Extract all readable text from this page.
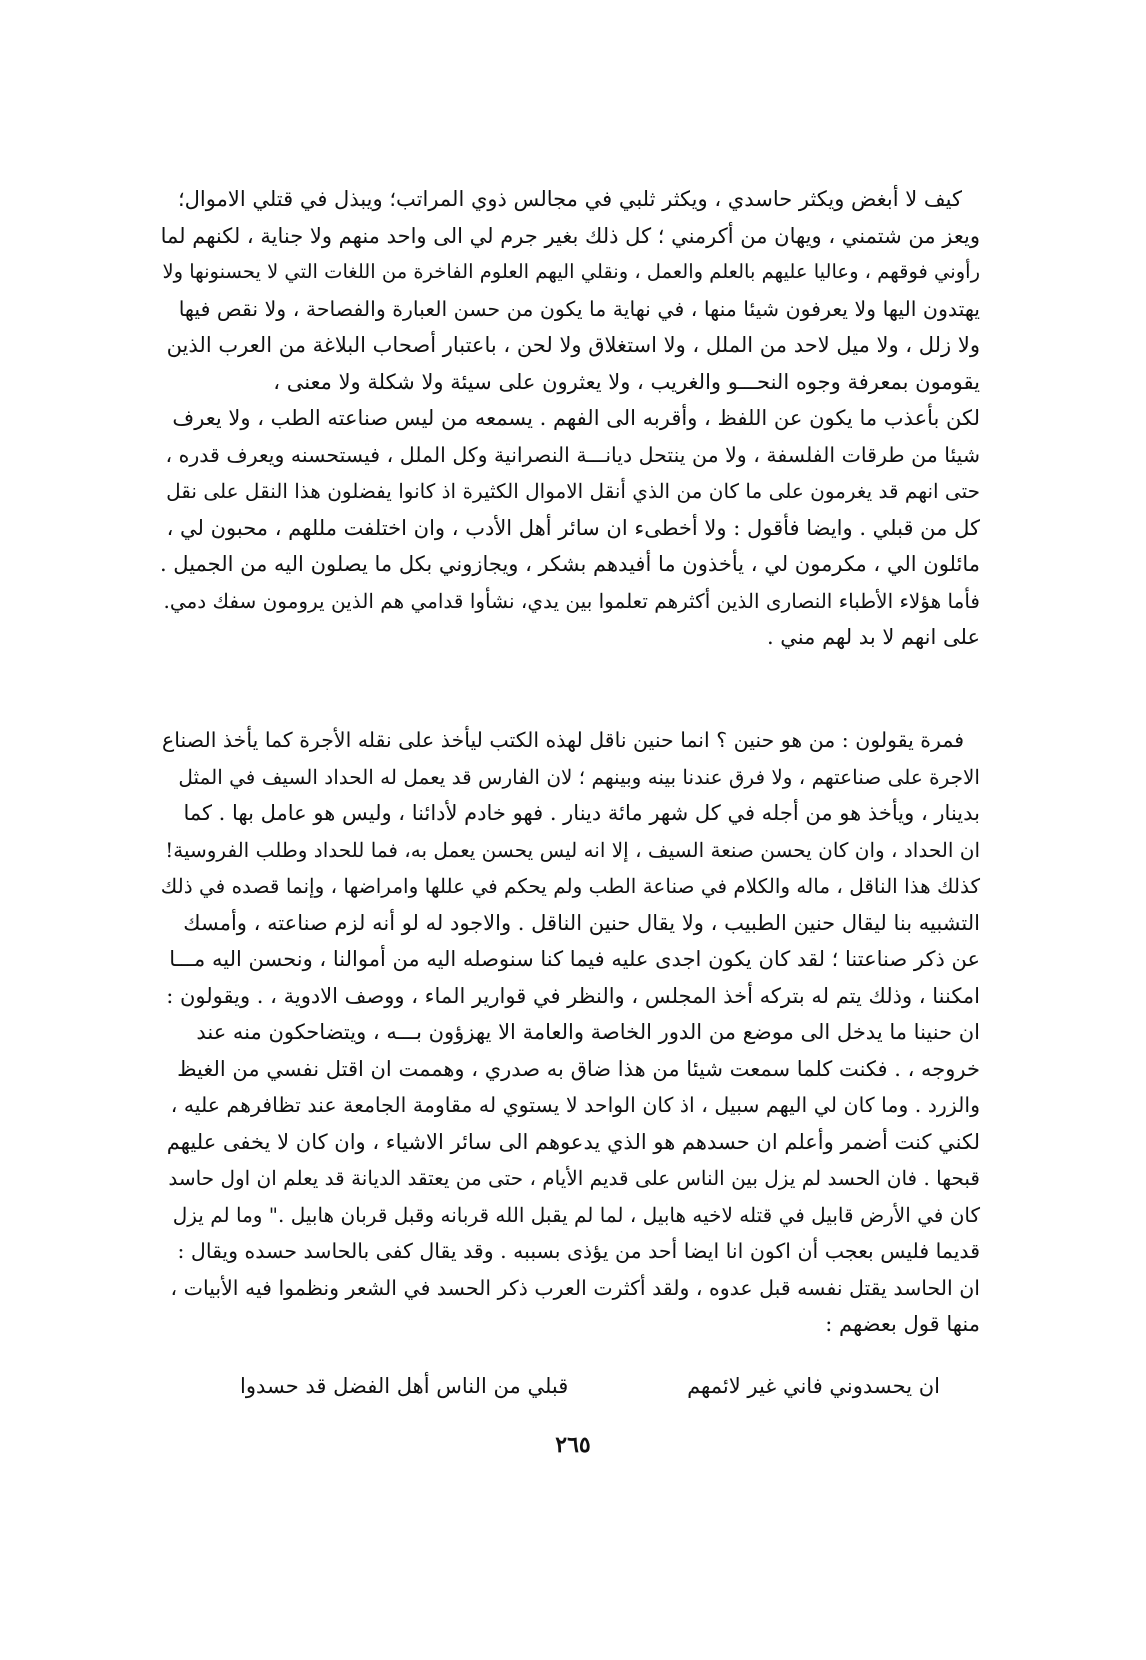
كيف لا أبغض ويكثر حاسدي ، ويكثر ثلبي في مجالس ذوي المراتب؛ ويبذل في قتلي الاموال؛
ويعز من شتمني ، ويهان من أكرمني ؛ كل ذلك بغير جرم لي الى واحد منهم ولا جناية ، لكنهم لما
رأوني فوقهم ، وعاليا عليهم بالعلم والعمل ، ونقلي اليهم العلوم الفاخرة من اللغات التي لا يحسنونها ولا
يهتدون اليها ولا يعرفون شيئا منها ، في نهاية ما يكون من حسن العبارة والفصاحة ، ولا نقص فيها
ولا زلل ، ولا ميل لاحد من الملل ، ولا استغلاق ولا لحن ، باعتبار أصحاب البلاغة من العرب الذين
يقومون بمعرفة وجوه النحـــو والغريب ، ولا يعثرون على سيئة ولا شكلة ولا معنى ،
لكن بأعذب ما يكون عن اللفظ ، وأقربه الى الفهم . يسمعه من ليس صناعته الطب ، ولا يعرف
شيئا من طرقات الفلسفة ، ولا من ينتحل ديانـــة النصرانية وكل الملل ، فيستحسنه ويعرف قدره ،
حتى انهم قد يغرمون على ما كان من الذي أنقل الاموال الكثيرة اذ كانوا يفضلون هذا النقل على نقل
كل من قبلي . وايضا فأقول : ولا أخطىء ان سائر أهل الأدب ، وان اختلفت مللهم ، محبون لي ،
مائلون الي ، مكرمون لي ، يأخذون ما أفيدهم بشكر ، ويجازوني بكل ما يصلون اليه من الجميل .
فأما هؤلاء الأطباء النصارى الذين أكثرهم تعلموا بين يدي، نشأوا قدامي هم الذين يرومون سفك دمي.
على انهم لا بد لهم مني .
فمرة يقولون : من هو حنين ؟ انما حنين ناقل لهذه الكتب ليأخذ على نقله الأجرة كما يأخذ الصناع
الاجرة على صناعتهم ، ولا فرق عندنا بينه وبينهم ؛ لان الفارس قد يعمل له الحداد السيف في المثل
بدينار ، ويأخذ هو من أجله في كل شهر مائة دينار . فهو خادم لأدائنا ، وليس هو عامل بها . كما
ان الحداد ، وان كان يحسن صنعة السيف ، إلا انه ليس يحسن يعمل به، فما للحداد وطلب الفروسية!
كذلك هذا الناقل ، ماله والكلام في صناعة الطب ولم يحكم في عللها وامراضها ، وإنما قصده في ذلك
التشبيه بنا ليقال حنين الطبيب ، ولا يقال حنين الناقل . والاجود له لو أنه لزم صناعته ، وأمسك
عن ذكر صناعتنا ؛ لقد كان يكون اجدى عليه فيما كنا سنوصله اليه من أموالنا ، ونحسن اليه مـــا
امكننا ، وذلك يتم له بتركه أخذ المجلس ، والنظر في قوارير الماء ، ووصف الادوية ، . ويقولون :
ان حنينا ما يدخل الى موضع من الدور الخاصة والعامة الا يهزؤون بـــه ، ويتضاحكون منه عند
خروجه ، . فكنت كلما سمعت شيئا من هذا ضاق به صدري ، وهممت ان اقتل نفسي من الغيظ
والزرد . وما كان لي اليهم سبيل ، اذ كان الواحد لا يستوي له مقاومة الجامعة عند تظافرهم عليه ،
لكني كنت أضمر وأعلم ان حسدهم هو الذي يدعوهم الى سائر الاشياء ، وان كان لا يخفى عليهم
قبحها . فان الحسد لم يزل بين الناس على قديم الأيام ، حتى من يعتقد الديانة قد يعلم ان اول حاسد
كان في الأرض قابيل في قتله لاخيه هابيل ، لما لم يقبل الله قربانه وقبل قربان هابيل ." وما لم يزل
قديما فليس بعجب أن اكون انا ايضا أحد من يؤذى بسببه . وقد يقال كفى بالحاسد حسده ويقال :
ان الحاسد يقتل نفسه قبل عدوه ، ولقد أكثرت العرب ذكر الحسد في الشعر ونظموا فيه الأبيات ،
منها قول بعضهم :
ان يحسدوني فاني غير لائمهم
قبلي من الناس أهل الفضل قد حسدوا
٢٦٥
